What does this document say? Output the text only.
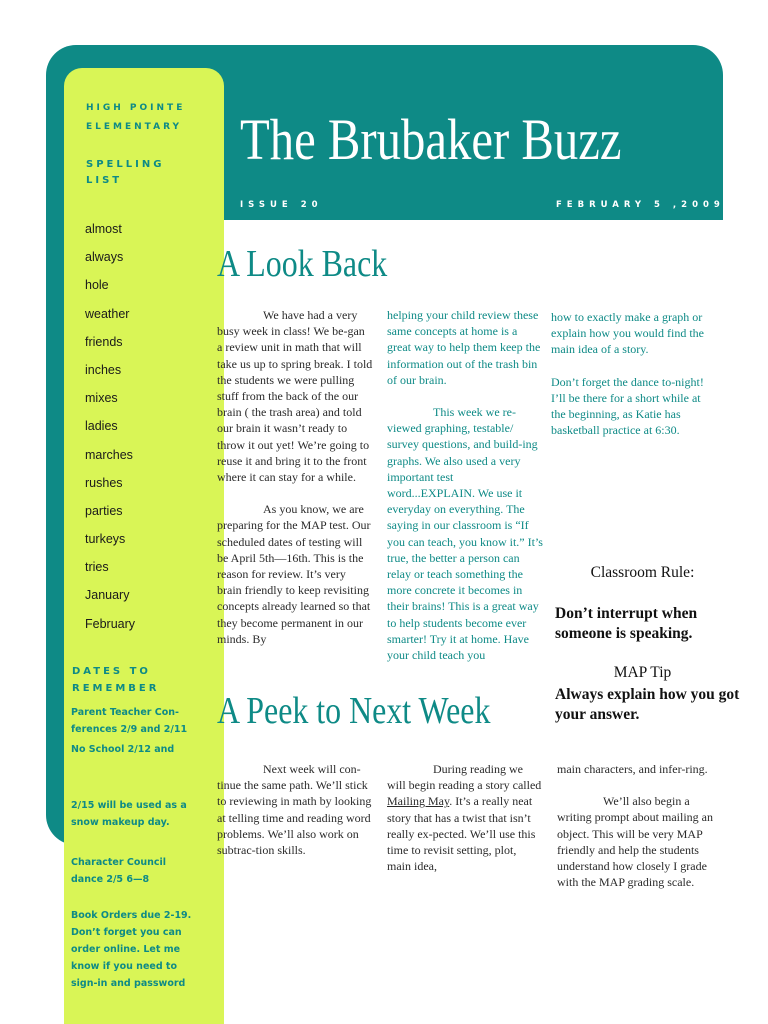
HIGH POINTE
ELEMENTARY
SPELLING
LIST
almost
always
hole
weather
friends
inches
mixes
ladies
marches
rushes
parties
turkeys
tries
January
February
DATES TO
REMEMBER
Parent Teacher Con-ferences 2/9 and 2/11
No School 2/12 and
2/15 will be used as a snow makeup day.
Character Council dance 2/5 6—8
Book Orders due 2-19. Don’t forget you can order online. Let me know if you need to sign-in and password
The Brubaker Buzz
ISSUE 20	FEBRUARY 5 ,2009
A Look Back

We have had a very busy week in class! We be-gan a review unit in math that will take us up to spring break. I told the students we were pulling stuff from the back of the our brain ( the trash area) and told our brain it wasn’t ready to throw it out yet! We’re going to reuse it and bring it to the front where it can stay for a while.

As you know, we are preparing for the MAP test. Our scheduled dates of testing will be April 5th—16th. This is the reason for review. It’s very brain friendly to keep revisiting concepts already learned so that they become permanent in our minds. By

helping your child review these same concepts at home is a great way to help them keep the information out of the trash bin of our brain.

This week we re-viewed graphing, testable/ survey questions, and build-ing graphs. We also used a very important test word...EXPLAIN. We use it everyday on everything. The saying in our classroom is “If you can teach, you know it.” It’s true, the better a person can relay or teach something the more concrete it becomes in their brains! This is a great way to help students become ever smarter! Try it at home. Have your child teach you

how to exactly make a graph or explain how you would find the main idea of a story.

Don’t forget the dance to-night! I’ll be there for a short while at the beginning, as Katie has basketball practice at 6:30.

Classroom Rule:
Don’t interrupt when someone is speaking.
MAP Tip
Always explain how you got your answer.
A Peek to Next Week

Next week will con-tinue the same path. We’ll stick to reviewing in math by looking at telling time and reading word problems. We’ll also work on subtrac-tion skills.

During reading we will begin reading a story called Mailing May. It’s a really neat story that has a twist that isn’t really ex-pected. We’ll use this time to revisit setting, plot, main idea,

main characters, and infer-ring.

We’ll also begin a writing prompt about mailing an object. This will be very MAP friendly and help the students understand how closely I grade with the MAP grading scale.
